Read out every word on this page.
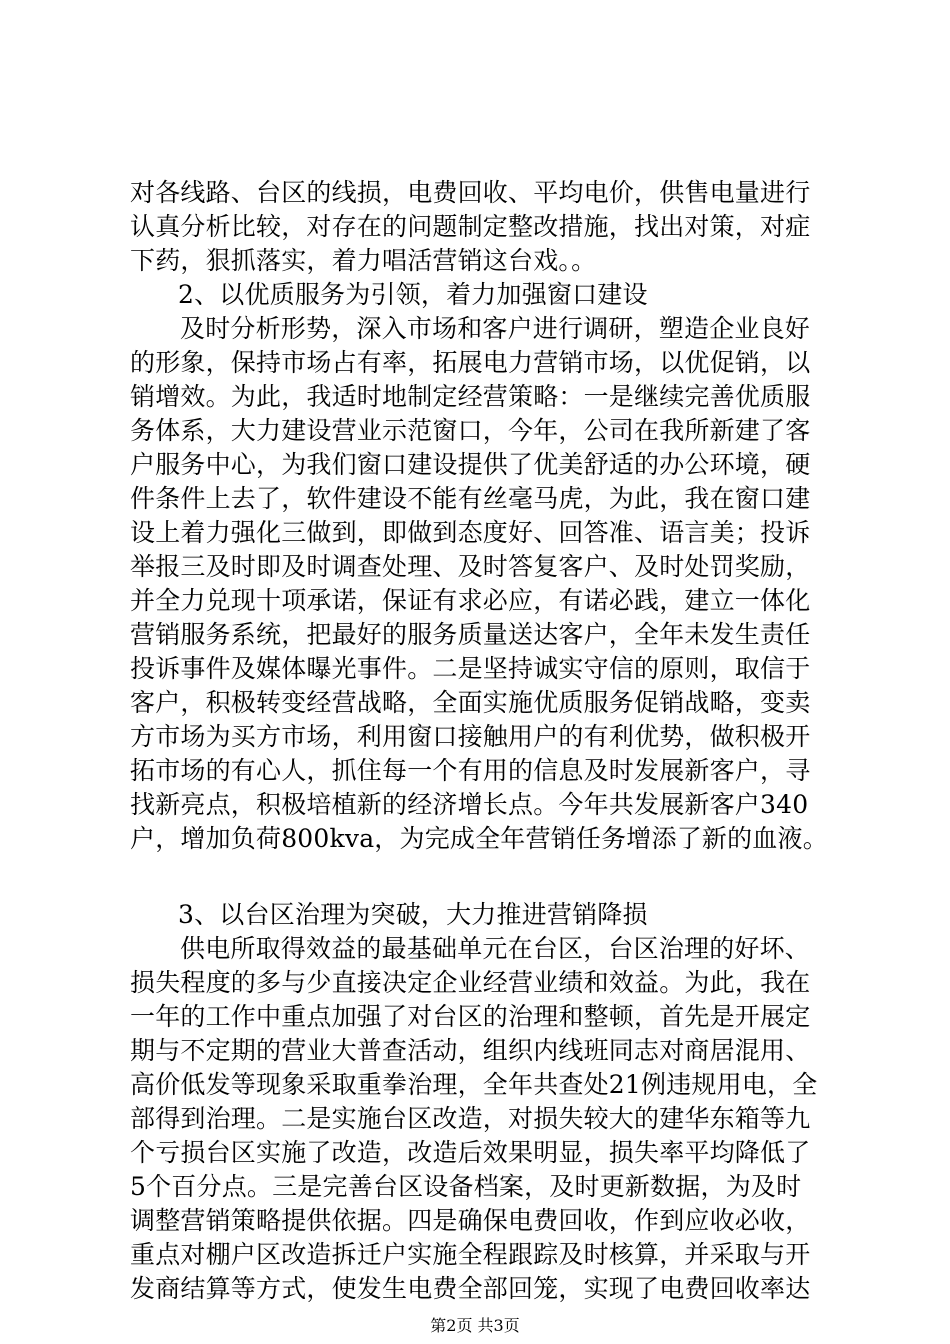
对各线路、台区的线损，电费回收、平均电价，供售电量进行
认真分析比较，对存在的问题制定整改措施，找出对策，对症
下药，狠抓落实，着力唱活营销这台戏。。
2、以优质服务为引领，着力加强窗口建设
及时分析形势，深入市场和客户进行调研，塑造企业良好
的形象，保持市场占有率，拓展电力营销市场，以优促销，以
销增效。为此，我适时地制定经营策略：一是继续完善优质服
务体系，大力建设营业示范窗口，今年，公司在我所新建了客
户服务中心，为我们窗口建设提供了优美舒适的办公环境，硬
件条件上去了，软件建设不能有丝毫马虎，为此，我在窗口建
设上着力强化三做到，即做到态度好、回答准、语言美；投诉
举报三及时即及时调查处理、及时答复客户、及时处罚奖励，
并全力兑现十项承诺，保证有求必应，有诺必践，建立一体化
营销服务系统，把最好的服务质量送达客户，全年未发生责任
投诉事件及媒体曝光事件。二是坚持诚实守信的原则，取信于
客户，积极转变经营战略，全面实施优质服务促销战略，变卖
方市场为买方市场，利用窗口接触用户的有利优势，做积极开
拓市场的有心人，抓住每一个有用的信息及时发展新客户，寻
找新亮点，积极培植新的经济增长点。今年共发展新客户340
户，增加负荷800kva，为完成全年营销任务增添了新的血液。
3、以台区治理为突破，大力推进营销降损
供电所取得效益的最基础单元在台区，台区治理的好坏、
损失程度的多与少直接决定企业经营业绩和效益。为此，我在
一年的工作中重点加强了对台区的治理和整顿，首先是开展定
期与不定期的营业大普查活动，组织内线班同志对商居混用、
高价低发等现象采取重拳治理，全年共查处21例违规用电，全
部得到治理。二是实施台区改造，对损失较大的建华东箱等九
个亏损台区实施了改造，改造后效果明显，损失率平均降低了
5个百分点。三是完善台区设备档案，及时更新数据，为及时
调整营销策略提供依据。四是确保电费回收，作到应收必收，
重点对棚户区改造拆迁户实施全程跟踪及时核算，并采取与开
发商结算等方式，使发生电费全部回笼，实现了电费回收率达
第2页 共3页
